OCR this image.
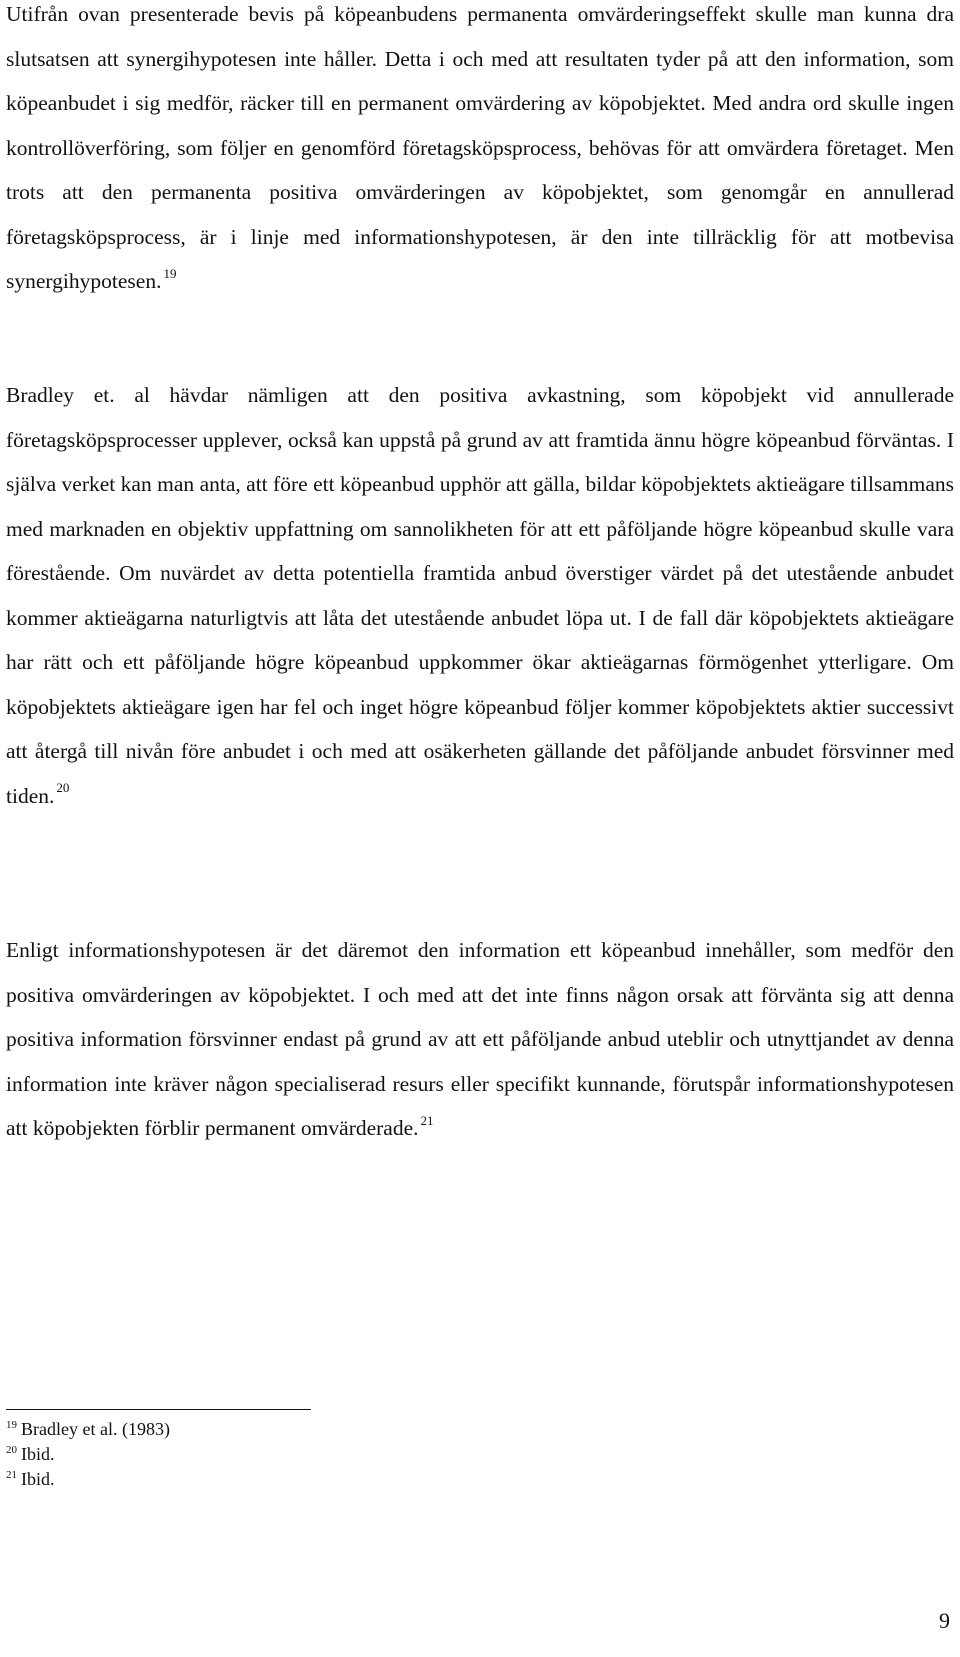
Utifrån ovan presenterade bevis på köpeanbudens permanenta omvärderingseffekt skulle man kunna dra slutsatsen att synergihypotesen inte håller. Detta i och med att resultaten tyder på att den information, som köpeanbudet i sig medför, räcker till en permanent omvärdering av köpobjektet. Med andra ord skulle ingen kontrollöverföring, som följer en genomförd företagsköpsprocess, behövas för att omvärdera företaget. Men trots att den permanenta positiva omvärderingen av köpobjektet, som genomgår en annullerad företagsköpsprocess, är i linje med informationshypotesen, är den inte tillräcklig för att motbevisa synergihypotesen. $^{19}$

Bradley et. al hävdar nämligen att den positiva avkastning, som köpobjekt vid annullerade företagsköpsprocesser upplever, också kan uppstå på grund av att framtida ännu högre köpeanbud förväntas. I själva verket kan man anta, att före ett köpeanbud upphör att gälla, bildar köpobjektets aktieägare tillsammans med marknaden en objektiv uppfattning om sannolikheten för att ett påföljande högre köpeanbud skulle vara förestående. Om nuvärdet av detta potentiella framtida anbud överstiger värdet på det utestående anbudet kommer aktieägarna naturligtvis att låta det utestående anbudet löpa ut. I de fall där köpobjektets aktieägare har rätt och ett påföljande högre köpeanbud uppkommer ökar aktieägarnas förmögenhet ytterligare. Om köpobjektets aktieägare igen har fel och inget högre köpeanbud följer kommer köpobjektets aktier successivt att återgå till nivån före anbudet i och med att osäkerheten gällande det påföljande anbudet försvinner med tiden. $^{20}$

Enligt informationshypotesen är det däremot den information ett köpeanbud innehåller, som medför den positiva omvärderingen av köpobjektet. I och med att det inte finns någon orsak att förvänta sig att denna positiva information försvinner endast på grund av att ett påföljande anbud uteblir och utnyttjandet av denna information inte kräver någon specialiserad resurs eller specifikt kunnande, förutspår informationshypotesen att köpobjekten förblir permanent omvärderade. $^{21}$

$^{19}$ Bradley et al. (1983)

$^{20}$ Ibid.

$^{21}$ Ibid.

9
